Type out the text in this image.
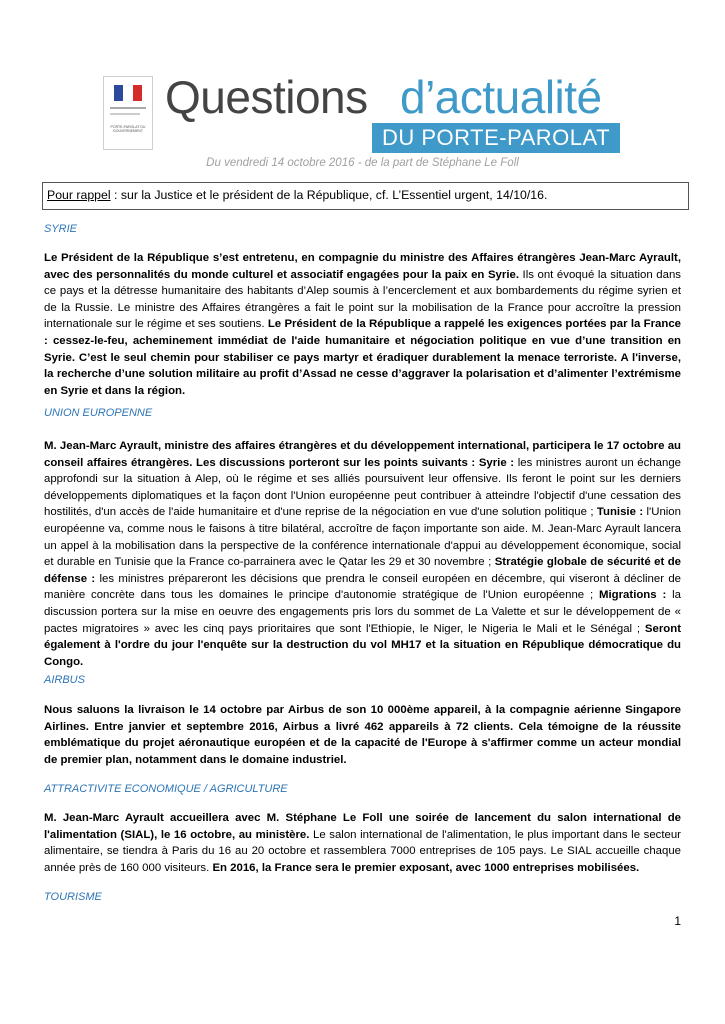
PORTE-PAROLAT DU GOUVERNEMENT
Questions d’actualité
DU PORTE-PAROLAT
Du vendredi 14 octobre 2016 - de la part de Stéphane Le Foll
Pour rappel : sur la Justice et le président de la République, cf. L’Essentiel urgent, 14/10/16.
SYRIE

Le Président de la République s’est entretenu, en compagnie du ministre des Affaires étrangères Jean-Marc Ayrault, avec des personnalités du monde culturel et associatif engagées pour la paix en Syrie. Ils ont évoqué la situation dans ce pays et la détresse humanitaire des habitants d’Alep soumis à l’encerclement et aux bombardements du régime syrien et de la Russie. Le ministre des Affaires étrangères a fait le point sur la mobilisation de la France pour accroître la pression internationale sur le régime et ses soutiens. Le Président de la République a rappelé les exigences portées par la France : cessez-le-feu, acheminement immédiat de l'aide humanitaire et négociation politique en vue d’une transition en Syrie. C’est le seul chemin pour stabiliser ce pays martyr et éradiquer durablement la menace terroriste. A l'inverse, la recherche d’une solution militaire au profit d’Assad ne cesse d’aggraver la polarisation et d’alimenter l’extrémisme en Syrie et dans la région.

UNION EUROPENNE

M. Jean-Marc Ayrault, ministre des affaires étrangères et du développement international, participera le 17 octobre au conseil affaires étrangères. Les discussions porteront sur les points suivants : Syrie : les ministres auront un échange approfondi sur la situation à Alep, où le régime et ses alliés poursuivent leur offensive. Ils feront le point sur les derniers développements diplomatiques et la façon dont l'Union européenne peut contribuer à atteindre l'objectif d'une cessation des hostilités, d'un accès de l'aide humanitaire et d'une reprise de la négociation en vue d'une solution politique ; Tunisie : l'Union européenne va, comme nous le faisons à titre bilatéral, accroître de façon importante son aide. M. Jean-Marc Ayrault lancera un appel à la mobilisation dans la perspective de la conférence internationale d'appui au développement économique, social et durable en Tunisie que la France co-parrainera avec le Qatar les 29 et 30 novembre ; Stratégie globale de sécurité et de défense : les ministres prépareront les décisions que prendra le conseil européen en décembre, qui viseront à décliner de manière concrète dans tous les domaines le principe d'autonomie stratégique de l'Union européenne ; Migrations : la discussion portera sur la mise en oeuvre des engagements pris lors du sommet de La Valette et sur le développement de « pactes migratoires » avec les cinq pays prioritaires que sont l'Ethiopie, le Niger, le Nigeria le Mali et le Sénégal ; Seront également à l'ordre du jour l'enquête sur la destruction du vol MH17 et la situation en République démocratique du Congo.

AIRBUS

Nous saluons la livraison le 14 octobre par Airbus de son 10 000ème appareil, à la compagnie aérienne Singapore Airlines. Entre janvier et septembre 2016, Airbus a livré 462 appareils à 72 clients. Cela témoigne de la réussite emblématique du projet aéronautique européen et de la capacité de l'Europe à s'affirmer comme un acteur mondial de premier plan, notamment dans le domaine industriel.

ATTRACTIVITE ECONOMIQUE / AGRICULTURE

M. Jean-Marc Ayrault accueillera avec M. Stéphane Le Foll une soirée de lancement du salon international de l'alimentation (SIAL), le 16 octobre, au ministère. Le salon international de l'alimentation, le plus important dans le secteur alimentaire, se tiendra à Paris du 16 au 20 octobre et rassemblera 7000 entreprises de 105 pays. Le SIAL accueille chaque année près de 160 000 visiteurs. En 2016, la France sera le premier exposant, avec 1000 entreprises mobilisées.

TOURISME
1
